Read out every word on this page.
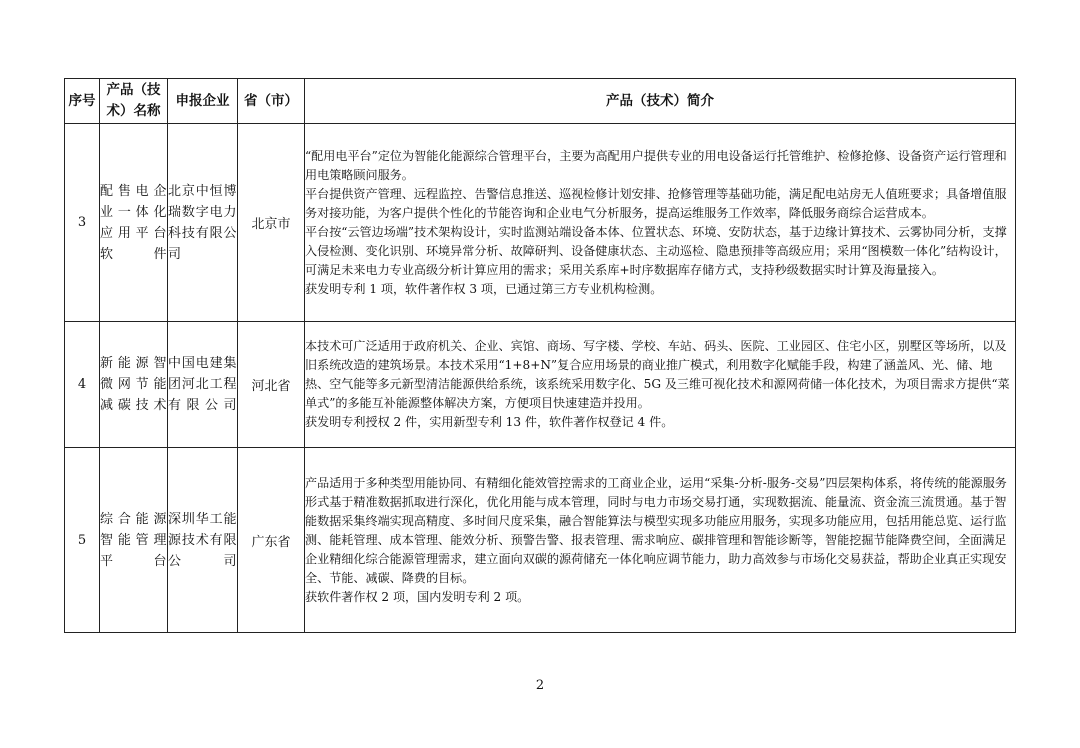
序号	产品（技术）名称	申报企业	省（市）	产品（技术）简介
3	配售电企业一体化应用平台软件	北京中恒博瑞数字电力科技有限公司	北京市	“配用电平台”定位为智能化能源综合管理平台，主要为高配用户提供专业的用电设备运行托管维护、检修抢修、设备资产运行管理和用电策略顾问服务。

平台提供资产管理、远程监控、告警信息推送、巡视检修计划安排、抢修管理等基础功能，满足配电站房无人值班要求；具备增值服务对接功能，为客户提供个性化的节能咨询和企业电气分析服务，提高运维服务工作效率，降低服务商综合运营成本。

平台按“云管边场端”技术架构设计，实时监测站端设备本体、位置状态、环境、安防状态，基于边缘计算技术、云雾协同分析，支撑入侵检测、变化识别、环境异常分析、故障研判、设备健康状态、主动巡检、隐患预排等高级应用；采用“图模数一体化”结构设计，可满足未来电力专业高级分析计算应用的需求；采用关系库+时序数据库存储方式，支持秒级数据实时计算及海量接入。

获发明专利 1 项，软件著作权 3 项，已通过第三方专业机构检测。

4	新能源智微网节能减碳技术	中国电建集团河北工程有限公司	河北省	本技术可广泛适用于政府机关、企业、宾馆、商场、写字楼、学校、车站、码头、医院、工业园区、住宅小区，别墅区等场所，以及旧系统改造的建筑场景。本技术采用“1+8+N”复合应用场景的商业推广模式，利用数字化赋能手段，构建了涵盖风、光、储、地热、空气能等多元新型清洁能源供给系统，该系统采用数字化、5G 及三维可视化技术和源网荷储一体化技术，为项目需求方提供“菜单式”的多能互补能源整体解决方案，方便项目快速建造并投用。

获发明专利授权 2 件，实用新型专利 13 件，软件著作权登记 4 件。

5	综合能源智能管理平台	深圳华工能源技术有限公司	广东省	产品适用于多种类型用能协同、有精细化能效管控需求的工商业企业，运用“采集-分析-服务-交易”四层架构体系，将传统的能源服务形式基于精准数据抓取进行深化，优化用能与成本管理，同时与电力市场交易打通，实现数据流、能量流、资金流三流贯通。基于智能数据采集终端实现高精度、多时间尺度采集，融合智能算法与模型实现多功能应用服务，实现多功能应用，包括用能总览、运行监测、能耗管理、成本管理、能效分析、预警告警、报表管理、需求响应、碳排管理和智能诊断等，智能挖掘节能降费空间，全面满足企业精细化综合能源管理需求，建立面向双碳的源荷储充一体化响应调节能力，助力高效参与市场化交易获益，帮助企业真正实现安全、节能、减碳、降费的目标。

获软件著作权 2 项，国内发明专利 2 项。

2
